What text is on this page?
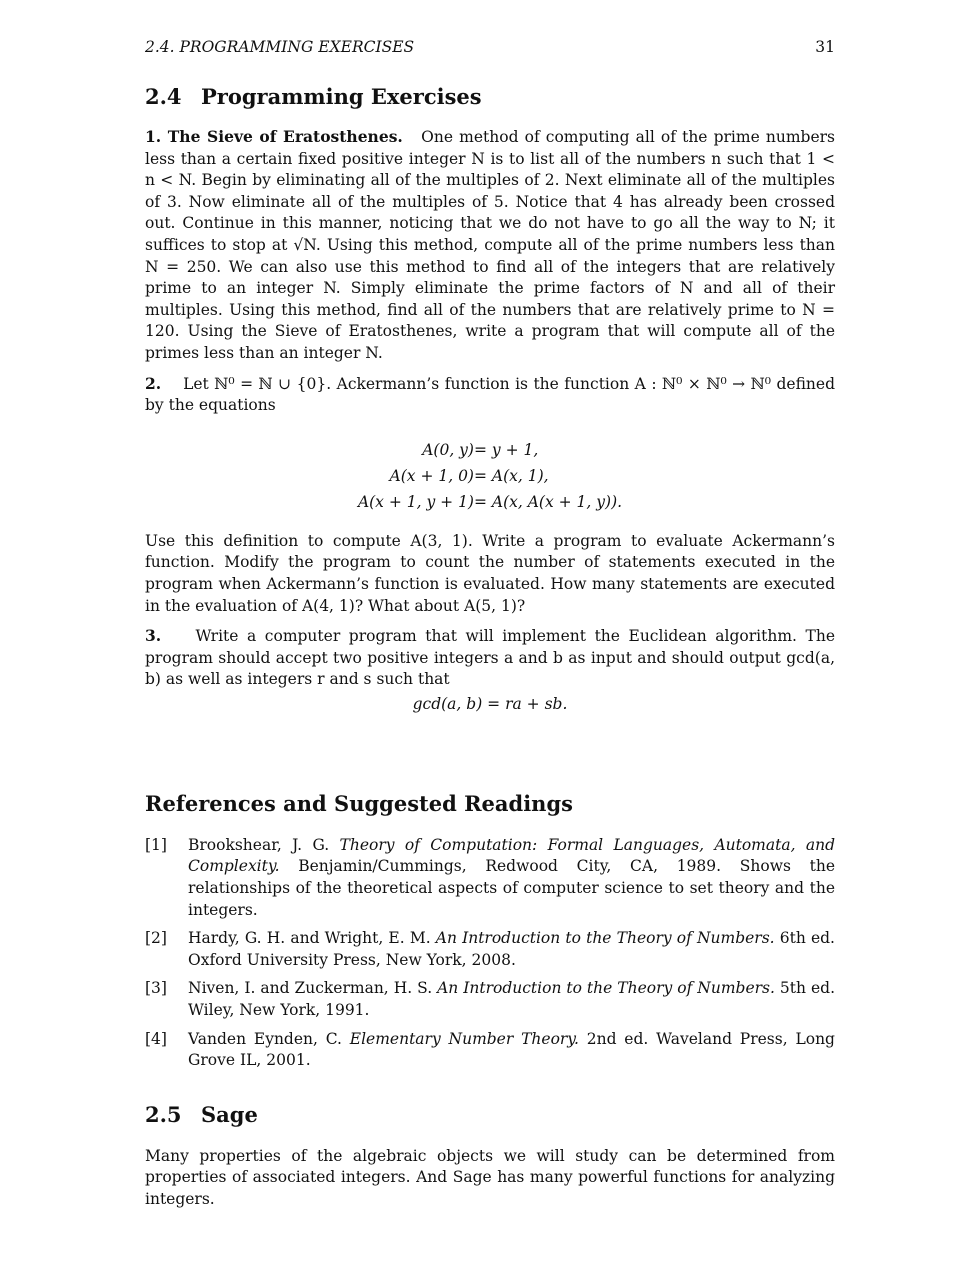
2.4. PROGRAMMING EXERCISES	31
2.4 Programming Exercises

1. The Sieve of Eratosthenes. One method of computing all of the prime numbers less than a certain fixed positive integer N is to list all of the numbers n such that 1 < n < N. Begin by eliminating all of the multiples of 2. Next eliminate all of the multiples of 3. Now eliminate all of the multiples of 5. Notice that 4 has already been crossed out. Continue in this manner, noticing that we do not have to go all the way to N; it suffices to stop at √N. Using this method, compute all of the prime numbers less than N = 250. We can also use this method to find all of the integers that are relatively prime to an integer N. Simply eliminate the prime factors of N and all of their multiples. Using this method, find all of the numbers that are relatively prime to N = 120. Using the Sieve of Eratosthenes, write a program that will compute all of the primes less than an integer N.

2. Let ℕ⁰ = ℕ ∪ {0}. Ackermann’s function is the function A : ℕ⁰ × ℕ⁰ → ℕ⁰ defined by the equations

A(0, y)	= y + 1,
A(x + 1, 0)	= A(x, 1),
A(x + 1, y + 1)	= A(x, A(x + 1, y)).

Use this definition to compute A(3, 1). Write a program to evaluate Ackermann’s function. Modify the program to count the number of statements executed in the program when Ackermann’s function is evaluated. How many statements are executed in the evaluation of A(4, 1)? What about A(5, 1)?

3. Write a computer program that will implement the Euclidean algorithm. The program should accept two positive integers a and b as input and should output gcd(a, b) as well as integers r and s such that

gcd(a, b) = ra + sb.
References and Suggested Readings
[1]	Brookshear, J. G. Theory of Computation: Formal Languages, Automata, and Complexity. Benjamin/Cummings, Redwood City, CA, 1989. Shows the relationships of the theoretical aspects of computer science to set theory and the integers.
[2]	Hardy, G. H. and Wright, E. M. An Introduction to the Theory of Numbers. 6th ed. Oxford University Press, New York, 2008.
[3]	Niven, I. and Zuckerman, H. S. An Introduction to the Theory of Numbers. 5th ed. Wiley, New York, 1991.
[4]	Vanden Eynden, C. Elementary Number Theory. 2nd ed. Waveland Press, Long Grove IL, 2001.
2.5 Sage

Many properties of the algebraic objects we will study can be determined from properties of associated integers. And Sage has many powerful functions for analyzing integers.
